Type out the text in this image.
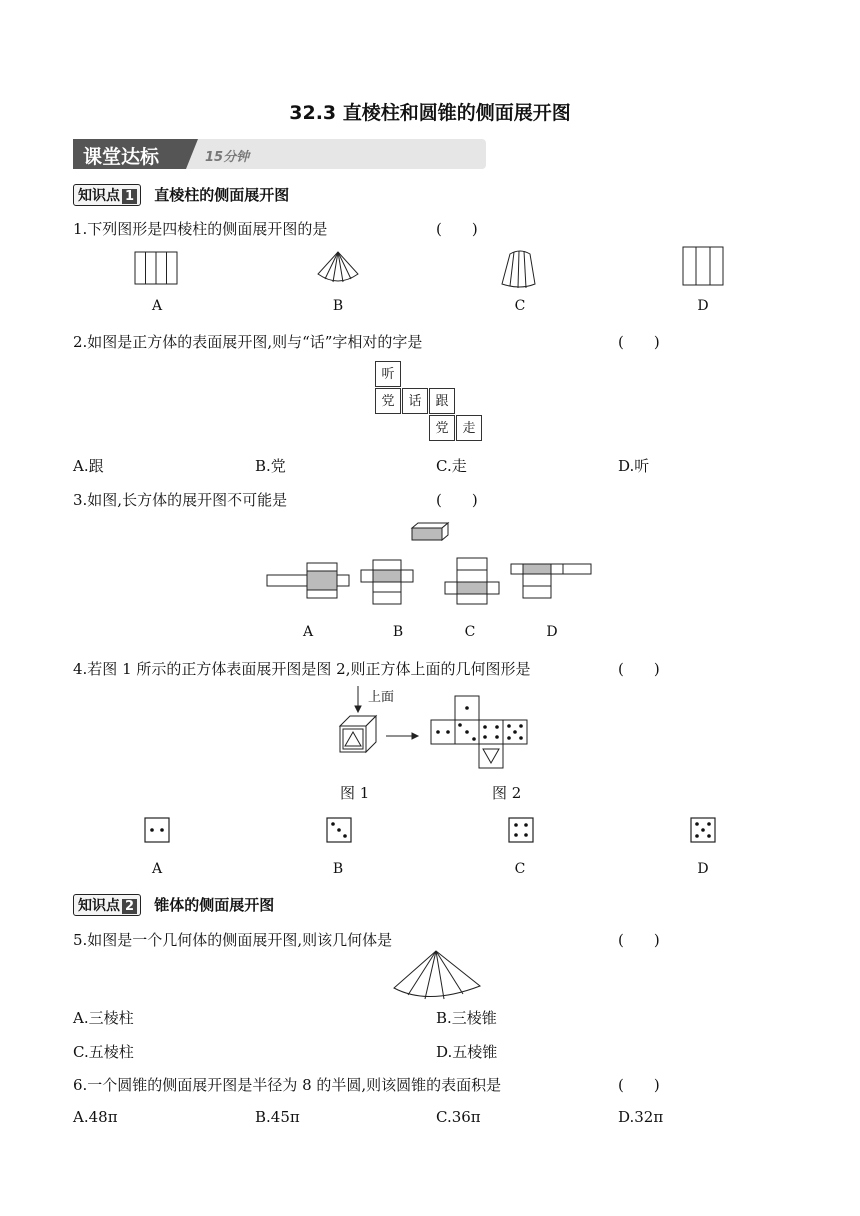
32.3 直棱柱和圆锥的侧面展开图
课堂达标	15分钟
知识点 1 直棱柱的侧面展开图
1.下列图形是四棱柱的侧面展开图的是	(　　)
A	B	C	D
2.如图是正方体的表面展开图,则与“话”字相对的字是	(　　)
听
党	话	跟
党	走
A.跟	B.党	C.走	D.听
3.如图,长方体的展开图不可能是	(　　)
A	B	C	D
4.若图 1 所示的正方体表面展开图是图 2,则正方体上面的几何图形是	(　　)
上面
图 1	图 2
A	B	C	D
知识点 2 锥体的侧面展开图
5.如图是一个几何体的侧面展开图,则该几何体是	(　　)
A.三棱柱	B.三棱锥
C.五棱柱	D.五棱锥
6.一个圆锥的侧面展开图是半径为 8 的半圆,则该圆锥的表面积是	(　　)
A.48π	B.45π	C.36π	D.32π
